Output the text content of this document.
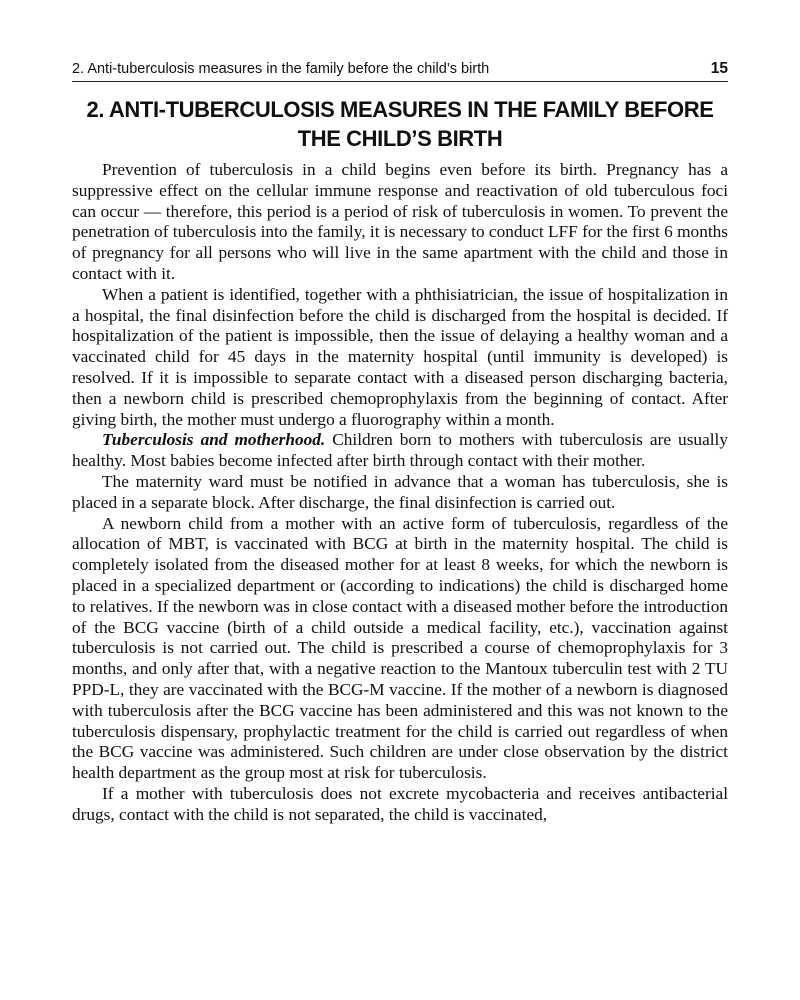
2. Anti-tuberculosis measures in the family before the child’s birth	15
2. ANTI-TUBERCULOSIS MEASURES IN THE FAMILY BEFORE
THE CHILD’S BIRTH

Prevention of tuberculosis in a child begins even before its birth. Pregnancy has a suppressive effect on the cellular immune response and reactivation of old tuberculous foci can occur — therefore, this period is a period of risk of tuberculosis in women. To prevent the penetration of tuberculosis into the family, it is necessary to conduct LFF for the first 6 months of pregnancy for all persons who will live in the same apartment with the child and those in contact with it.

When a patient is identified, together with a phthisiatrician, the issue of hospitalization in a hospital, the final disinfection before the child is discharged from the hospital is decided. If hospitalization of the patient is impossible, then the issue of delaying a healthy woman and a vaccinated child for 45 days in the maternity hospital (until immunity is developed) is resolved. If it is impossible to separate contact with a diseased person discharging bacteria, then a newborn child is prescribed chemoprophylaxis from the beginning of contact. After giving birth, the mother must undergo a fluorography within a month.

Tuberculosis and motherhood. Children born to mothers with tuberculosis are usually healthy. Most babies become infected after birth through contact with their mother.

The maternity ward must be notified in advance that a woman has tuberculosis, she is placed in a separate block. After discharge, the final disinfection is carried out.

A newborn child from a mother with an active form of tuberculosis, regardless of the allocation of MBT, is vaccinated with BCG at birth in the maternity hospital. The child is completely isolated from the diseased mother for at least 8 weeks, for which the newborn is placed in a specialized department or (according to indications) the child is discharged home to relatives. If the newborn was in close contact with a diseased mother before the introduction of the BCG vaccine (birth of a child outside a medical facility, etc.), vaccination against tuberculosis is not carried out. The child is prescribed a course of chemoprophylaxis for 3 months, and only after that, with a negative reaction to the Mantoux tuberculin test with 2 TU PPD-L, they are vaccinated with the BCG-M vaccine. If the mother of a newborn is diagnosed with tuberculosis after the BCG vaccine has been administered and this was not known to the tuberculosis dispensary, prophylactic treatment for the child is carried out regardless of when the BCG vaccine was administered. Such children are under close observation by the district health department as the group most at risk for tuberculosis.

If a mother with tuberculosis does not excrete mycobacteria and receives antibacterial drugs, contact with the child is not separated, the child is vaccinated,
